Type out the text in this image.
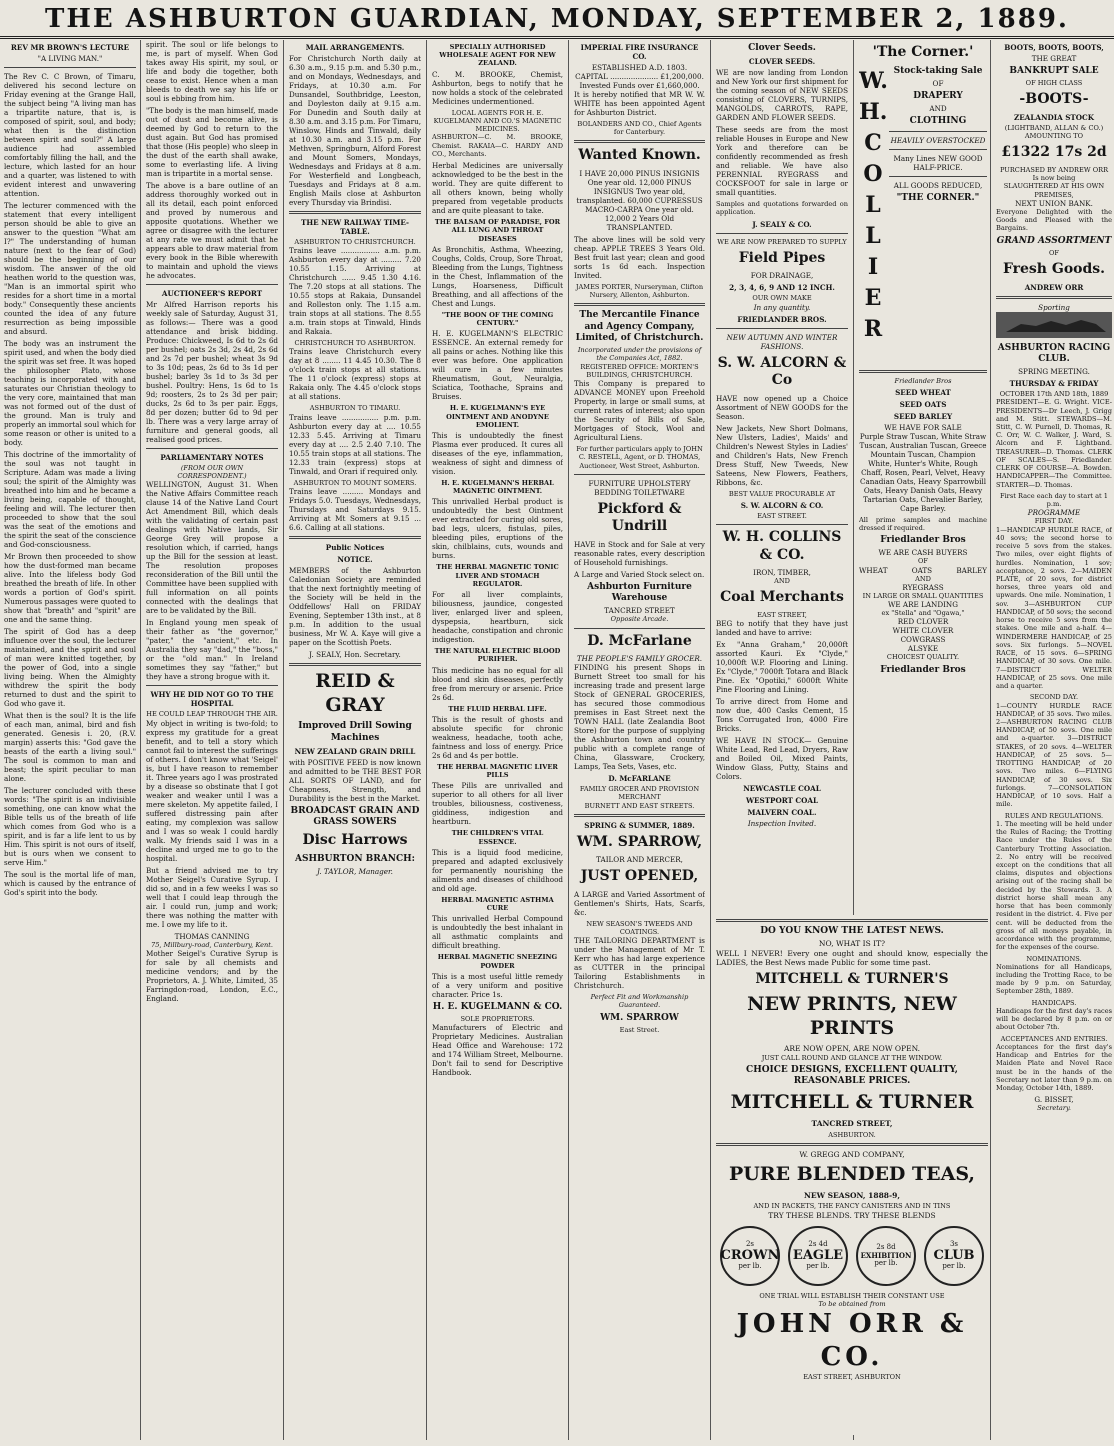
THE ASHBURTON GUARDIAN, MONDAY, SEPTEMBER 2, 1889.
REV MR BROWN'S LECTURE
"A LIVING MAN."

The Rev C. C Brown, of Timaru, delivered his second lecture on Friday evening at the Grange Hall, the subject being "A living man has a tripartite nature, that is, is composed of spirit, soul, and body; what then is the distinction between spirit and soul?" A large audience had assembled comfortably filling the hall, and the lecture, which lasted for an hour and a quarter, was listened to with evident interest and unwavering attention.

The lecturer commenced with the statement that every intelligent person should be able to give an answer to the question "What am I?" The understanding of human nature (next to the fear of God) should be the beginning of our wisdom. The answer of the old heathen world to the question was, "Man is an immortal spirit who resides for a short time in a mortal body." Consequently these ancients counted the idea of any future resurrection as being impossible and absurd.

The body was an instrument the spirit used, and when the body died the spirit was set free. It was hoped the philosopher Plato, whose teaching is incorporated with and saturates our Christian theology to the very core, maintained that man was not formed out of the dust of the ground. Man is truly and properly an immortal soul which for some reason or other is united to a body.

This doctrine of the immortality of the soul was not taught in Scripture. Adam was made a living soul; the spirit of the Almighty was breathed into him and he became a living being, capable of thought, feeling and will. The lecturer then proceeded to show that the soul was the seat of the emotions and the spirit the seat of the conscience and God-consciousness.

Mr Brown then proceeded to show how the dust-formed man became alive. Into the lifeless body God breathed the breath of life. In other words a portion of God's spirit. Numerous passages were quoted to show that "breath" and "spirit" are one and the same thing.

The spirit of God has a deep influence over the soul, the lecturer maintained, and the spirit and soul of man were knitted together, by the power of God, into a single living being. When the Almighty withdrew the spirit the body returned to dust and the spirit to God who gave it.

What then is the soul? It is the life of each man, animal, bird and fish generated. Genesis i. 20, (R.V. margin) asserts this: "God gave the beasts of the earth a living soul." The soul is common to man and beast; the spirit peculiar to man alone.

The lecturer concluded with these words: "The spirit is an indivisible something, one can know what the Bible tells us of the breath of life which comes from God who is a spirit, and is far a life lent to us by Him. This spirit is not ours of itself, but is ours when we consent to serve Him."

The soul is the mortal life of man, which is caused by the entrance of God's spirit into the body.

spirit. The soul or life belongs to me, is part of myself. When God takes away His spirit, my soul, or life and body die together, both cease to exist. Hence when a man bleeds to death we say his life or soul is ebbing from him.

"The body is the man himself, made out of dust and become alive, is deemed by God to return to the dust again. But God has promised that those (His people) who sleep in the dust of the earth shall awake, some to everlasting life. A living man is tripartite in a mortal sense.

The above is a bare outline of an address thoroughly worked out in all its detail, each point enforced and proved by numerous and apposite quotations. Whether we agree or disagree with the lecturer at any rate we must admit that he appears able to draw material from every book in the Bible wherewith to maintain and uphold the views he advocates.

AUCTIONEER'S REPORT

Mr Alfred Harrison reports his weekly sale of Saturday, August 31, as follows:— There was a good attendance and brisk bidding. Produce: Chickweed, Is 6d to 2s 6d per bushel; oats 2s 3d, 2s 4d, 2s 6d and 2s 7d per bushel; wheat 3s 9d to 3s 10d; peas, 2s 6d to 3s 1d per bushel; barley 3s 1d to 3s 3d per bushel. Poultry: Hens, 1s 6d to 1s 9d; roosters, 2s to 2s 3d per pair; ducks, 2s 6d to 3s per pair. Eggs, 8d per dozen; butter 6d to 9d per lb. There was a very large array of furniture and general goods, all realised good prices.

PARLIAMENTARY NOTES
(FROM OUR OWN CORRESPONDENT.)

WELLINGTON, August 31. When the Native Affairs Committee reach clause 14 of the Native Land Court Act Amendment Bill, which deals with the validating of certain past dealings with Native lands, Sir George Grey will propose a resolution which, if carried, hangs up the Bill for the session at least. The resolution proposes reconsideration of the Bill until the Committee have been supplied with full information on all points connected with the dealings that are to be validated by the Bill.

In England young men speak of their father as "the governor," "pater," the "ancient," etc. In Australia they say "dad," the "boss," or the "old man." In Ireland sometimes they say "father," but they have a strong brogue with it.

WHY HE DID NOT GO TO THE HOSPITAL
HE COULD LEAP THROUGH THE AIR.

My object in writing is two-fold; to express my gratitude for a great benefit, and to tell a story which cannot fail to interest the sufferings of others. I don't know what 'Seigel' is, but I have reason to remember it. Three years ago I was prostrated by a disease so obstinate that I got weaker and weaker until I was a mere skeleton. My appetite failed, I suffered distressing pain after eating, my complexion was sallow and I was so weak I could hardly walk. My friends said I was in a decline and urged me to go to the hospital.

But a friend advised me to try Mother Seigel's Curative Syrup. I did so, and in a few weeks I was so well that I could leap through the air. I could run, jump and work; there was nothing the matter with me. I owe my life to it.

THOMAS CANNING
75, Millbury-road, Canterbury, Kent.

Mother Seigel's Curative Syrup is for sale by all chemists and medicine vendors; and by the Proprietors, A. J. White, Limited, 35 Farringdon-road, London, E.C., England.

MAIL ARRANGEMENTS.

For Christchurch North daily at 6.30 a.m., 9.15 p.m. and 5.30 p.m., and on Mondays, Wednesdays, and Fridays, at 10.30 a.m. For Dunsandel, Southbridge, Leeston, and Doyleston daily at 9.15 a.m. For Dunedin and South daily at 8.30 a.m. and 3.15 p.m. For Timaru, Winslow, Hinds and Tinwald, daily at 10.30 a.m. and 3.15 p.m. For Methven, Springburn, Alford Forest and Mount Somers, Mondays, Wednesdays and Fridays at 8 a.m. For Westerfield and Longbeach, Tuesdays and Fridays at 8 a.m. English Mails close at Ashburton every Thursday via Brindisi.

THE NEW RAILWAY TIME-TABLE.
ASHBURTON TO CHRISTCHURCH.

Trains leave ................. a.m. p.m. Ashburton every day at ......... 7.20 10.55 1.15. Arriving at Christchurch ...... 9.45 1.30 4.16. The 7.20 stops at all stations. The 10.55 stops at Rakaia, Dunsandel and Rolleston only. The 1.15 a.m. train stops at all stations. The 8.55 a.m. train stops at Tinwald, Hinds and Rakaia.

CHRISTCHURCH TO ASHBURTON.

Trains leave Christchurch every day at 8 ........ 11 4.45 10.30. The 8 o'clock train stops at all stations. The 11 o'clock (express) stops at Rakaia only. The 4.45 o'clock stops at all stations.

ASHBURTON TO TIMARU.

Trains leave ................ p.m. p.m. Ashburton every day at .... 10.55 12.33 5.45. Arriving at Timaru every day at .... 2.5 2.40 7.10. The 10.55 train stops at all stations. The 12.33 train (express) stops at Tinwald, and Orari if required only.

ASHBURTON TO MOUNT SOMERS.

Trains leave ......... Mondays and Fridays 5.0. Tuesdays, Wednesdays, Thursdays and Saturdays 9.15. Arriving at Mt Somers at 9.15 ... 6.6. Calling at all stations.

Public Notices
NOTICE.

MEMBERS of the Ashburton Caledonian Society are reminded that the next fortnightly meeting of the Society will be held in the Oddfellows' Hall on FRIDAY Evening, September 13th inst., at 8 p.m. In addition to the usual business, Mr W. A. Kaye will give a paper on the Scottish Poets.

J. SEALY, Hon. Secretary.
REID & GRAY
Improved Drill Sowing Machines
NEW ZEALAND GRAIN DRILL

with POSITIVE FEED is now known and admitted to be THE BEST FOR ALL SORTS OF LAND, and for Cheapness, Strength, and Durability is the best in the Market.

BROADCAST GRAIN AND GRASS SOWERS
Disc Harrows
ASHBURTON BRANCH:
J. TAYLOR, Manager.
SPECIALLY AUTHORISED WHOLESALE AGENT FOR NEW ZEALAND.

C. M. BROOKE, Chemist, Ashburton, begs to notify that he now holds a stock of the celebrated Medicines undermentioned.

LOCAL AGENTS FOR H. E. KUGELMANN AND CO.'S MAGNETIC MEDICINES.

ASHBURTON—C. M. BROOKE, Chemist. RAKAIA—C. HARDY AND CO., Merchants.

Herbal Medicines are universally acknowledged to be the best in the world. They are quite different to all others known, being wholly prepared from vegetable products and are quite pleasant to take.

THE BALSAM OF PARADISE, FOR ALL LUNG AND THROAT DISEASES

As Bronchitis, Asthma, Wheezing, Coughs, Colds, Croup, Sore Throat, Bleeding from the Lungs, Tightness in the Chest, Inflammation of the Lungs, Hoarseness, Difficult Breathing, and all affections of the Chest and Lungs.

"THE BOON OF THE COMING CENTURY."

H. E. KUGELMANN'S ELECTRIC ESSENCE. An external remedy for all pains or aches. Nothing like this ever was before. One application will cure in a few minutes Rheumatism, Gout, Neuralgia, Sciatica, Toothache, Sprains and Bruises.

H. E. KUGELMANN'S EYE OINTMENT AND ANODYNE EMOLIENT.

This is undoubtedly the finest Plasma ever produced. It cures all diseases of the eye, inflammation, weakness of sight and dimness of vision.

H. E. KUGELMANN'S HERBAL MAGNETIC OINTMENT.

This unrivalled Herbal product is undoubtedly the best Ointment ever extracted for curing old sores, bad legs, ulcers, fistulas, piles, bleeding piles, eruptions of the skin, chilblains, cuts, wounds and burns.

THE HERBAL MAGNETIC TONIC LIVER AND STOMACH REGULATOR.

For all liver complaints, biliousness, jaundice, congested liver, enlarged liver and spleen, dyspepsia, heartburn, sick headache, constipation and chronic indigestion.

THE NATURAL ELECTRIC BLOOD PURIFIER.

This medicine has no equal for all blood and skin diseases, perfectly free from mercury or arsenic. Price 2s 6d.

THE FLUID HERBAL LIFE.

This is the result of ghosts and absolute specific for chronic weakness, headache, tooth ache, faintness and loss of energy. Price 2s 6d and 4s per bottle.

THE HERBAL MAGNETIC LIVER PILLS

These Pills are unrivalled and superior to all others for all liver troubles, biliousness, costiveness, giddiness, indigestion and heartburn.

THE CHILDREN'S VITAL ESSENCE.

This is a liquid food medicine, prepared and adapted exclusively for permanently nourishing the ailments and diseases of childhood and old age.

HERBAL MAGNETIC ASTHMA CURE

This unrivalled Herbal Compound is undoubtedly the best inhalant in all asthmatic complaints and difficult breathing.

HERBAL MAGNETIC SNEEZING POWDER

This is a most useful little remedy of a very uniform and positive character. Price 1s.

H. E. KUGELMANN & CO.
SOLE PROPRIETORS.

Manufacturers of Electric and Proprietary Medicines. Australian Head Office and Warehouse: 172 and 174 William Street, Melbourne. Don't fail to send for Descriptive Handbook.

IMPERIAL FIRE INSURANCE CO.
ESTABLISHED A.D. 1803.
CAPITAL ..................... £1,200,000.
Invested Funds over £1,660,000.

It is hereby notified that MR W. W. WHITE has been appointed Agent for Ashburton District.

BOLANDERS AND CO., Chief Agents for Canterbury.
Wanted Known.

I HAVE 20,000 PINUS INSIGNIS One year old. 12,000 PINUS INSIGNUS Two year old, transplanted. 60,000 CUPRESSUS MACRO-CARPA One year old. 12,000 2 Years Old TRANSPLANTED.

The above lines will be sold very cheap. APPLE TREES 3 Years Old. Best fruit last year; clean and good sorts 1s 6d each. Inspection Invited.

JAMES PORTER, Nurseryman, Clifton Nursery, Allenton, Ashburton.
The Mercantile Finance and Agency Company, Limited, of Christchurch.
Incorporated under the provisions of the Companies Act, 1882.
REGISTERED OFFICE: MORTEN'S BUILDINGS, CHRISTCHURCH.

This Company is prepared to ADVANCE MONEY upon Freehold Property, in large or small sums, at current rates of interest; also upon the Security of Bills of Sale, Mortgages of Stock, Wool and Agricultural Liens.

For further particulars apply to JOHN C. RESTELL, Agent, or D. THOMAS, Auctioneer, West Street, Ashburton.

FURNITURE UPHOLSTERY BEDDING TOILETWARE
Pickford & Undrill

HAVE in Stock and for Sale at very reasonable rates, every description of Household furnishings.

A Large and Varied Stock select on.

Ashburton Furniture Warehouse
TANCRED STREET
Opposite Arcade.
D. McFarlane
THE PEOPLE'S FAMILY GROCER.

FINDING his present Shops in Burnett Street too small for his increasing trade and present large Stock of GENERAL GROCERIES, has secured those commodious premises in East Street next the TOWN HALL (late Zealandia Boot Store) for the purpose of supplying the Ashburton town and country public with a complete range of China, Glassware, Crockery, Lamps, Tea Sets, Vases, etc.

D. McFARLANE
FAMILY GROCER AND PROVISION MERCHANT
BURNETT AND EAST STREETS.
SPRING & SUMMER, 1889.
WM. SPARROW,
TAILOR AND MERCER,
JUST OPENED,

A LARGE and Varied Assortment of Gentlemen's Shirts, Hats, Scarfs, &c.

NEW SEASON'S TWEEDS AND COATINGS.

THE TAILORING DEPARTMENT is under the Management of Mr T. Kerr who has had large experience as CUTTER in the principal Tailoring Establishments in Christchurch.

Perfect Fit and Workmanship Guaranteed.
WM. SPARROW
East Street.
Clover Seeds.
CLOVER SEEDS.

WE are now landing from London and New York our first shipment for the coming season of NEW SEEDS consisting of CLOVERS, TURNIPS, MANGOLDS, CARROTS, RAPE, GARDEN AND FLOWER SEEDS.

These seeds are from the most reliable Houses in Europe and New York and therefore can be confidently recommended as fresh and reliable. We have also PERENNIAL RYEGRASS and COCKSFOOT for sale in large or small quantities.

Samples and quotations forwarded on application.

J. SEALY & CO.
WE ARE NOW PREPARED TO SUPPLY
Field Pipes
FOR DRAINAGE,
2, 3, 4, 6, 9 AND 12 INCH.
OUR OWN MAKE
In any quantity.
FRIEDLANDER BROS.
NEW AUTUMN AND WINTER FASHIONS.
S. W. ALCORN & Co

HAVE now opened up a Choice Assortment of NEW GOODS for the Season.

New Jackets, New Short Dolmans, New Ulsters, Ladies', Maids' and Children's Newest Styles in Ladies' and Children's Hats, New French Dress Stuff, New Tweeds, New Sateens, New Flowers, Feathers, Ribbons, &c.

BEST VALUE PROCURABLE AT
S. W. ALCORN & CO.
EAST STREET.
W. H. COLLINS & CO.
IRON, TIMBER,
AND
Coal Merchants
EAST STREET,

BEG to notify that they have just landed and have to arrive:

Ex "Anna Graham," 20,000ft assorted Kauri. Ex "Clyde," 10,000ft W.P. Flooring and Lining. Ex "Clyde," 7000ft Totara and Black Pine. Ex "Opotiki," 6000ft White Pine Flooring and Lining.

To arrive direct from Home and now due, 400 Casks Cement, 15 Tons Corrugated Iron, 4000 Fire Bricks.

WE HAVE IN STOCK— Genuine White Lead, Red Lead, Dryers, Raw and Boiled Oil, Mixed Paints, Window Glass, Putty, Stains and Colors.

NEWCASTLE COAL
WESTPORT COAL
MALVERN COAL.
Inspection Invited.
'The Corner.'
W.
H.
C
O
L
L
I
E
R
Stock-taking Sale
OF
DRAPERY
AND
CLOTHING
HEAVILY OVERSTOCKED
Many Lines NEW GOOD HALF-PRICE.
ALL GOODS REDUCED,
"THE CORNER."
Friedlander Bros
SEED WHEAT
SEED OATS
SEED BARLEY
WE HAVE FOR SALE

Purple Straw Tuscan, White Straw Tuscan, Australian Tuscan, Greece Mountain Tuscan, Champion White, Hunter's White, Rough Chaff, Rosen, Pearl, Velvet, Heavy Canadian Oats, Heavy Sparrowbill Oats, Heavy Danish Oats, Heavy Tartarian Oats, Chevalier Barley, Cape Barley.

All prime samples and machine dressed if required.

Friedlander Bros
WE ARE CASH BUYERS
OF
WHEAT	OATS	BARLEY
AND
RYEGRASS
IN LARGE OR SMALL QUANTITIES
WE ARE LANDING
ex "Stella" and "Ogawa,"
RED CLOVER
WHITE CLOVER
COWGRASS
ALSYKE
CHOICEST QUALITY.
Friedlander Bros
BOOTS, BOOTS, BOOTS,
THE GREAT
BANKRUPT SALE
OF HIGH CLASS
-BOOTS-
ZEALANDIA STOCK
(LIGHTBAND, ALLAN & CO.)
AMOUNTING TO
£1322 17s 2d
PURCHASED BY ANDREW ORR
Is now being
SLAUGHTERED AT HIS OWN PREMISES,
NEXT UNION BANK.

Everyone Delighted with the Goods and Pleased with the Bargains.

GRAND ASSORTMENT
OF
Fresh Goods.
ANDREW ORR
Sporting
ASHBURTON RACING CLUB.
SPRING MEETING.
THURSDAY & FRIDAY
OCTOBER 17th AND 18th, 1889

PRESIDENT—E. G. Wright. VICE-PRESIDENTS—Dr Leech, J. Grigg and M. Stitt. STEWARDS—M. Stitt, C. W. Purnell, D. Thomas, R. C. Orr, W. C. Walker, J. Ward, S. Alcorn and F. Lightband. TREASURER—D. Thomas. CLERK OF SCALES—S. Friedlander. CLERK OF COURSE—A. Bowden. HANDICAPPER—The Committee. STARTER—D. Thomas.

First Race each day to start at 1 p.m.
PROGRAMME
FIRST DAY.

1—HANDICAP HURDLE RACE, of 40 sovs; the second horse to receive 5 sovs from the stakes. Two miles, over eight flights of hurdles. Nomination, 1 sov; acceptance, 2 sovs. 2—MAIDEN PLATE, of 20 sovs, for district horses, three years old and upwards. One mile. Nomination, 1 sov. 3—ASHBURTON CUP HANDICAP, of 50 sovs; the second horse to receive 5 sovs from the stakes. One mile and a-half. 4—WINDERMERE HANDICAP, of 25 sovs. Six furlongs. 5—NOVEL RACE, of 15 sovs. 6—SPRING HANDICAP, of 30 sovs. One mile. 7—DISTRICT WELTER HANDICAP, of 25 sovs. One mile and a quarter.

SECOND DAY.

1—COUNTY HURDLE RACE HANDICAP, of 35 sovs. Two miles. 2—ASHBURTON RACING CLUB HANDICAP, of 50 sovs. One mile and a-quarter. 3—DISTRICT STAKES, of 20 sovs. 4—WELTER HANDICAP, of 25 sovs. 5—TROTTING HANDICAP, of 20 sovs. Two miles. 6—FLYING HANDICAP, of 30 sovs. Six furlongs. 7—CONSOLATION HANDICAP, of 10 sovs. Half a mile.

RULES AND REGULATIONS.

1. The meeting will be held under the Rules of Racing; the Trotting Race under the Rules of the Canterbury Trotting Association. 2. No entry will be received except on the conditions that all claims, disputes and objections arising out of the racing shall be decided by the Stewards. 3. A district horse shall mean any horse that has been commonly resident in the district. 4. Five per cent. will be deducted from the gross of all moneys payable, in accordance with the programme, for the expenses of the course.

NOMINATIONS.

Nominations for all Handicaps, including the Trotting Race, to be made by 9 p.m. on Saturday, September 28th, 1889.

HANDICAPS.

Handicaps for the first day's races will be declared by 8 p.m. on or about October 7th.

ACCEPTANCES AND ENTRIES.

Acceptances for the first day's Handicap and Entries for the Maiden Plate and Novel Race must be in the hands of the Secretary not later than 9 p.m. on Monday, October 14th, 1889.

G. BISSET,
Secretary.
DO YOU KNOW THE LATEST NEWS.
NO, WHAT IS IT?

WELL I NEVER! Every one ought and should know, especially the LADIES, the Best News made Public for some time past.

MITCHELL & TURNER'S
NEW PRINTS, NEW PRINTS
ARE NOW OPEN, ARE NOW OPEN.
JUST CALL ROUND AND GLANCE AT THE WINDOW.
CHOICE DESIGNS, EXCELLENT QUALITY, REASONABLE PRICES.
MITCHELL & TURNER
TANCRED STREET,
ASHBURTON.
W. GREGG AND COMPANY,
PURE BLENDED TEAS,
NEW SEASON, 1888-9,
AND IN PACKETS, THE FANCY CANISTERS AND IN TINS
TRY THESE BLENDS. TRY THESE BLENDS
2s
CROWN
per lb.
2s 4d
EAGLE
per lb.
2s 8d
EXHIBITION
per lb.
3s
CLUB
per lb.
ONE TRIAL WILL ESTABLISH THEIR CONSTANT USE
To be obtained from
JOHN ORR & CO.
EAST STREET, ASHBURTON
